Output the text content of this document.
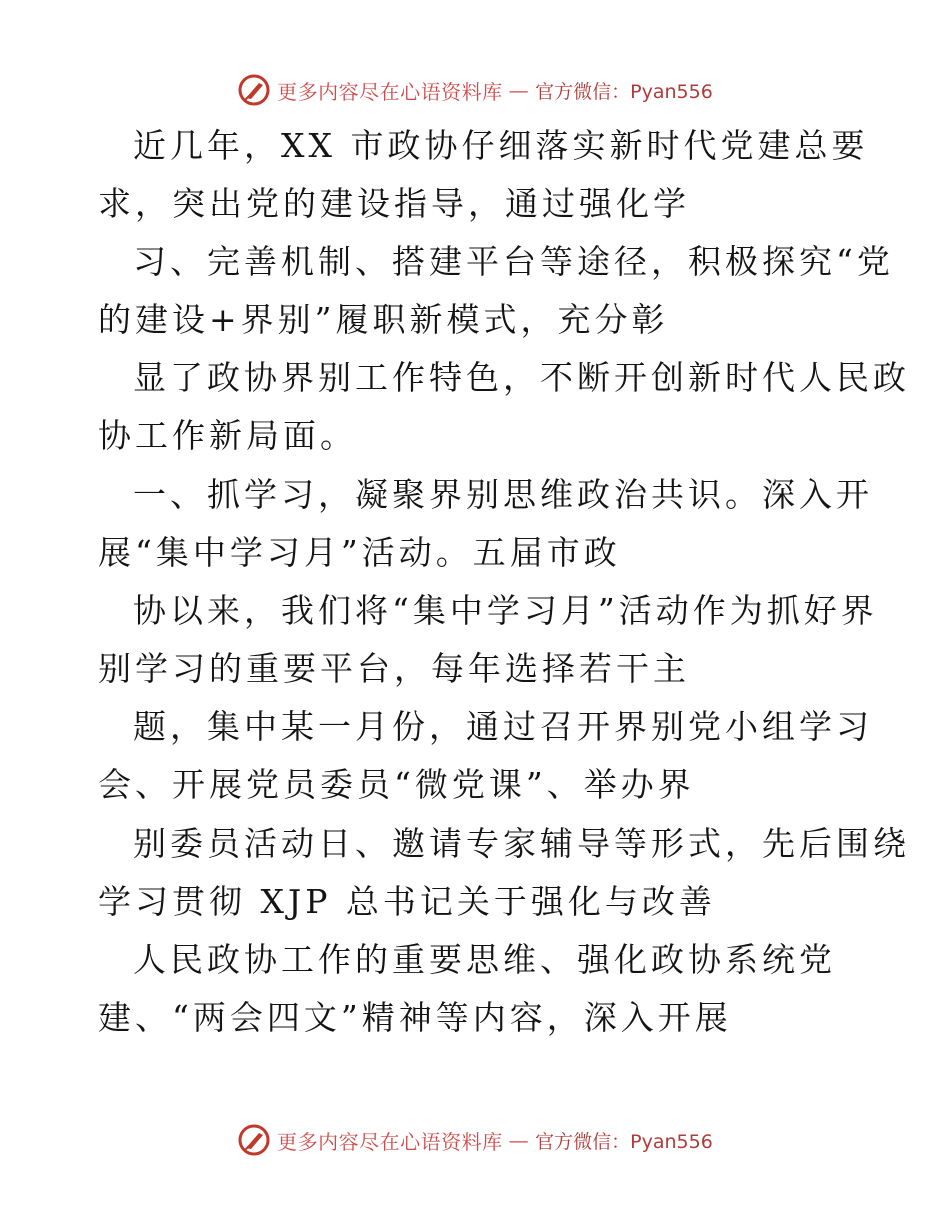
更多内容尽在心语资料库 — 官方微信：Pyan556
近几年，XX 市政协仔细落实新时代党建总要
求，突出党的建设指导，通过强化学
习、完善机制、搭建平台等途径，积极探究“党
的建设+界别”履职新模式，充分彰
显了政协界别工作特色，不断开创新时代人民政
协工作新局面。
一、抓学习，凝聚界别思维政治共识。深入开
展“集中学习月”活动。五届市政
协以来，我们将“集中学习月”活动作为抓好界
别学习的重要平台，每年选择若干主
题，集中某一月份，通过召开界别党小组学习
会、开展党员委员“微党课”、举办界
别委员活动日、邀请专家辅导等形式，先后围绕
学习贯彻 XJP 总书记关于强化与改善
人民政协工作的重要思维、强化政协系统党
建、“两会四文”精神等内容，深入开展
更多内容尽在心语资料库 — 官方微信：Pyan556
